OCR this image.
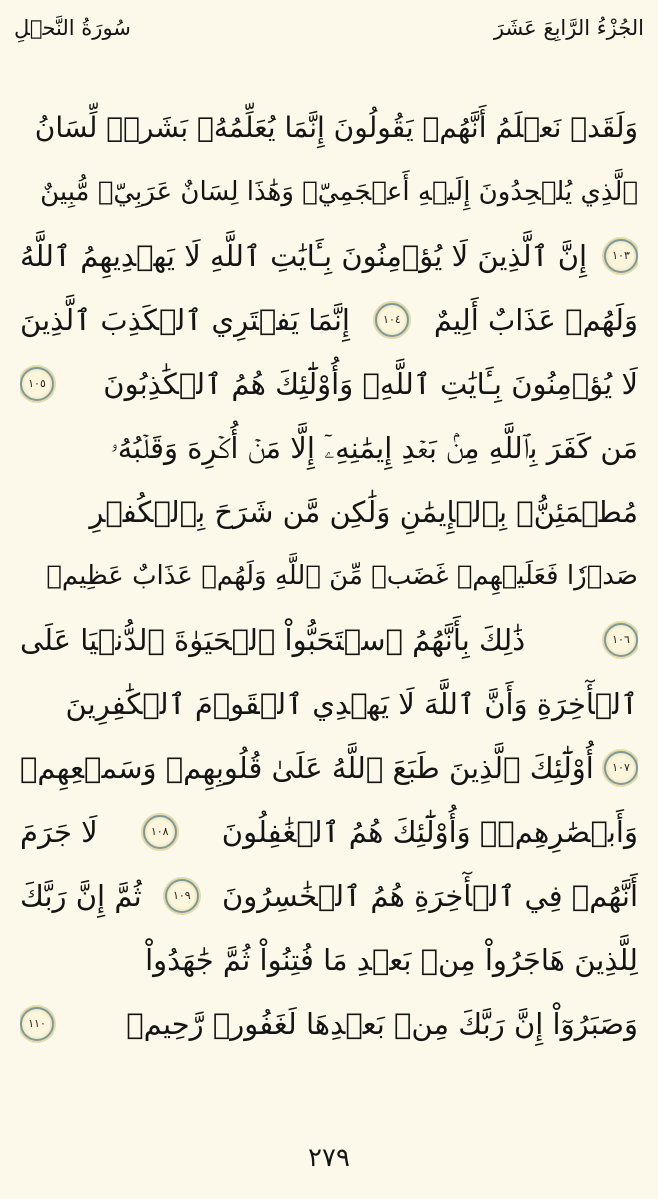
سُورَةُ النَّحۡلِ	الجُزْءُ الرَّابِعَ عَشَرَ
وَلَقَدۡ نَعۡلَمُ أَنَّهُمۡ يَقُولُونَ إِنَّمَا يُعَلِّمُهُۥ بَشَرٞۗ لِّسَانُ
ٱلَّذِي يُلۡحِدُونَ إِلَيۡهِ أَعۡجَمِيّٞ وَهَٰذَا لِسَانٌ عَرَبِيّٞ مُّبِينٌ
١٠٣
إِنَّ ٱلَّذِينَ لَا يُؤۡمِنُونَ بِـَٔايَٰتِ ٱللَّهِ لَا يَهۡدِيهِمُ ٱللَّهُ
وَلَهُمۡ عَذَابٌ أَلِيمٌ
١٠٤
إِنَّمَا يَفۡتَرِي ٱلۡكَذِبَ ٱلَّذِينَ
لَا يُؤۡمِنُونَ بِـَٔايَٰتِ ٱللَّهِۖ وَأُوْلَٰٓئِكَ هُمُ ٱلۡكَٰذِبُونَ
١٠٥
مَن كَفَرَ بِٱللَّهِ مِنۢ بَعۡدِ إِيمَٰنِهِۦٓ إِلَّا مَنۡ أُكۡرِهَ وَقَلۡبُهُۥ
مُطۡمَئِنُّۢ بِٱلۡإِيمَٰنِ وَلَٰكِن مَّن شَرَحَ بِٱلۡكُفۡرِ
صَدۡرٗا فَعَلَيۡهِمۡ غَضَبٞ مِّنَ ٱللَّهِ وَلَهُمۡ عَذَابٌ عَظِيمٞ
١٠٦
ذَٰلِكَ بِأَنَّهُمُ ٱسۡتَحَبُّواْ ٱلۡحَيَوٰةَ ٱلدُّنۡيَا عَلَى
ٱلۡأٓخِرَةِ وَأَنَّ ٱللَّهَ لَا يَهۡدِي ٱلۡقَوۡمَ ٱلۡكَٰفِرِينَ
١٠٧
أُوْلَٰٓئِكَ ٱلَّذِينَ طَبَعَ ٱللَّهُ عَلَىٰ قُلُوبِهِمۡ وَسَمۡعِهِمۡ
وَأَبۡصَٰرِهِمۡۖ وَأُوْلَٰٓئِكَ هُمُ ٱلۡغَٰفِلُونَ
١٠٨
لَا جَرَمَ
أَنَّهُمۡ فِي ٱلۡأٓخِرَةِ هُمُ ٱلۡخَٰسِرُونَ
١٠٩
ثُمَّ إِنَّ رَبَّكَ
لِلَّذِينَ هَاجَرُواْ مِنۢ بَعۡدِ مَا فُتِنُواْ ثُمَّ جَٰهَدُواْ
وَصَبَرُوٓاْ إِنَّ رَبَّكَ مِنۢ بَعۡدِهَا لَغَفُورٞ رَّحِيمٞ
١١٠
٢٧٩
